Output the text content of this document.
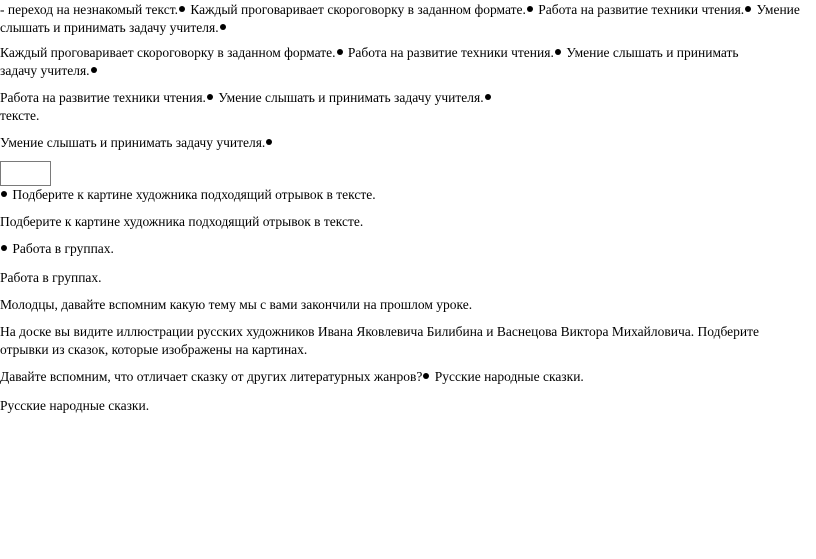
- переход на незнакомый текст. Каждый проговаривает скороговорку в заданном формате. Работа на развитие техники чтения. Умение слышать и принимать задачу учителя.

Каждый проговаривает скороговорку в заданном формате. Работа на развитие техники чтения. Умение слышать и принимать задачу учителя.

Работа на развитие техники чтения. Умение слышать и принимать задачу учителя.
тексте.

Умение слышать и принимать задачу учителя.

Подберите к картине художника подходящий отрывок в тексте.

Подберите к картине художника подходящий отрывок в тексте.

Работа в группах.

Работа в группах.

Молодцы, давайте вспомним какую тему мы с вами закончили на прошлом уроке.

На доске вы видите иллюстрации русских художников Ивана Яковлевича Билибина и Васнецова Виктора Михайловича. Подберите отрывки из сказок, которые изображены на картинах.

Давайте вспомним, что отличает сказку от других литературных жанров? Русские народные сказки.

Русские народные сказки.
